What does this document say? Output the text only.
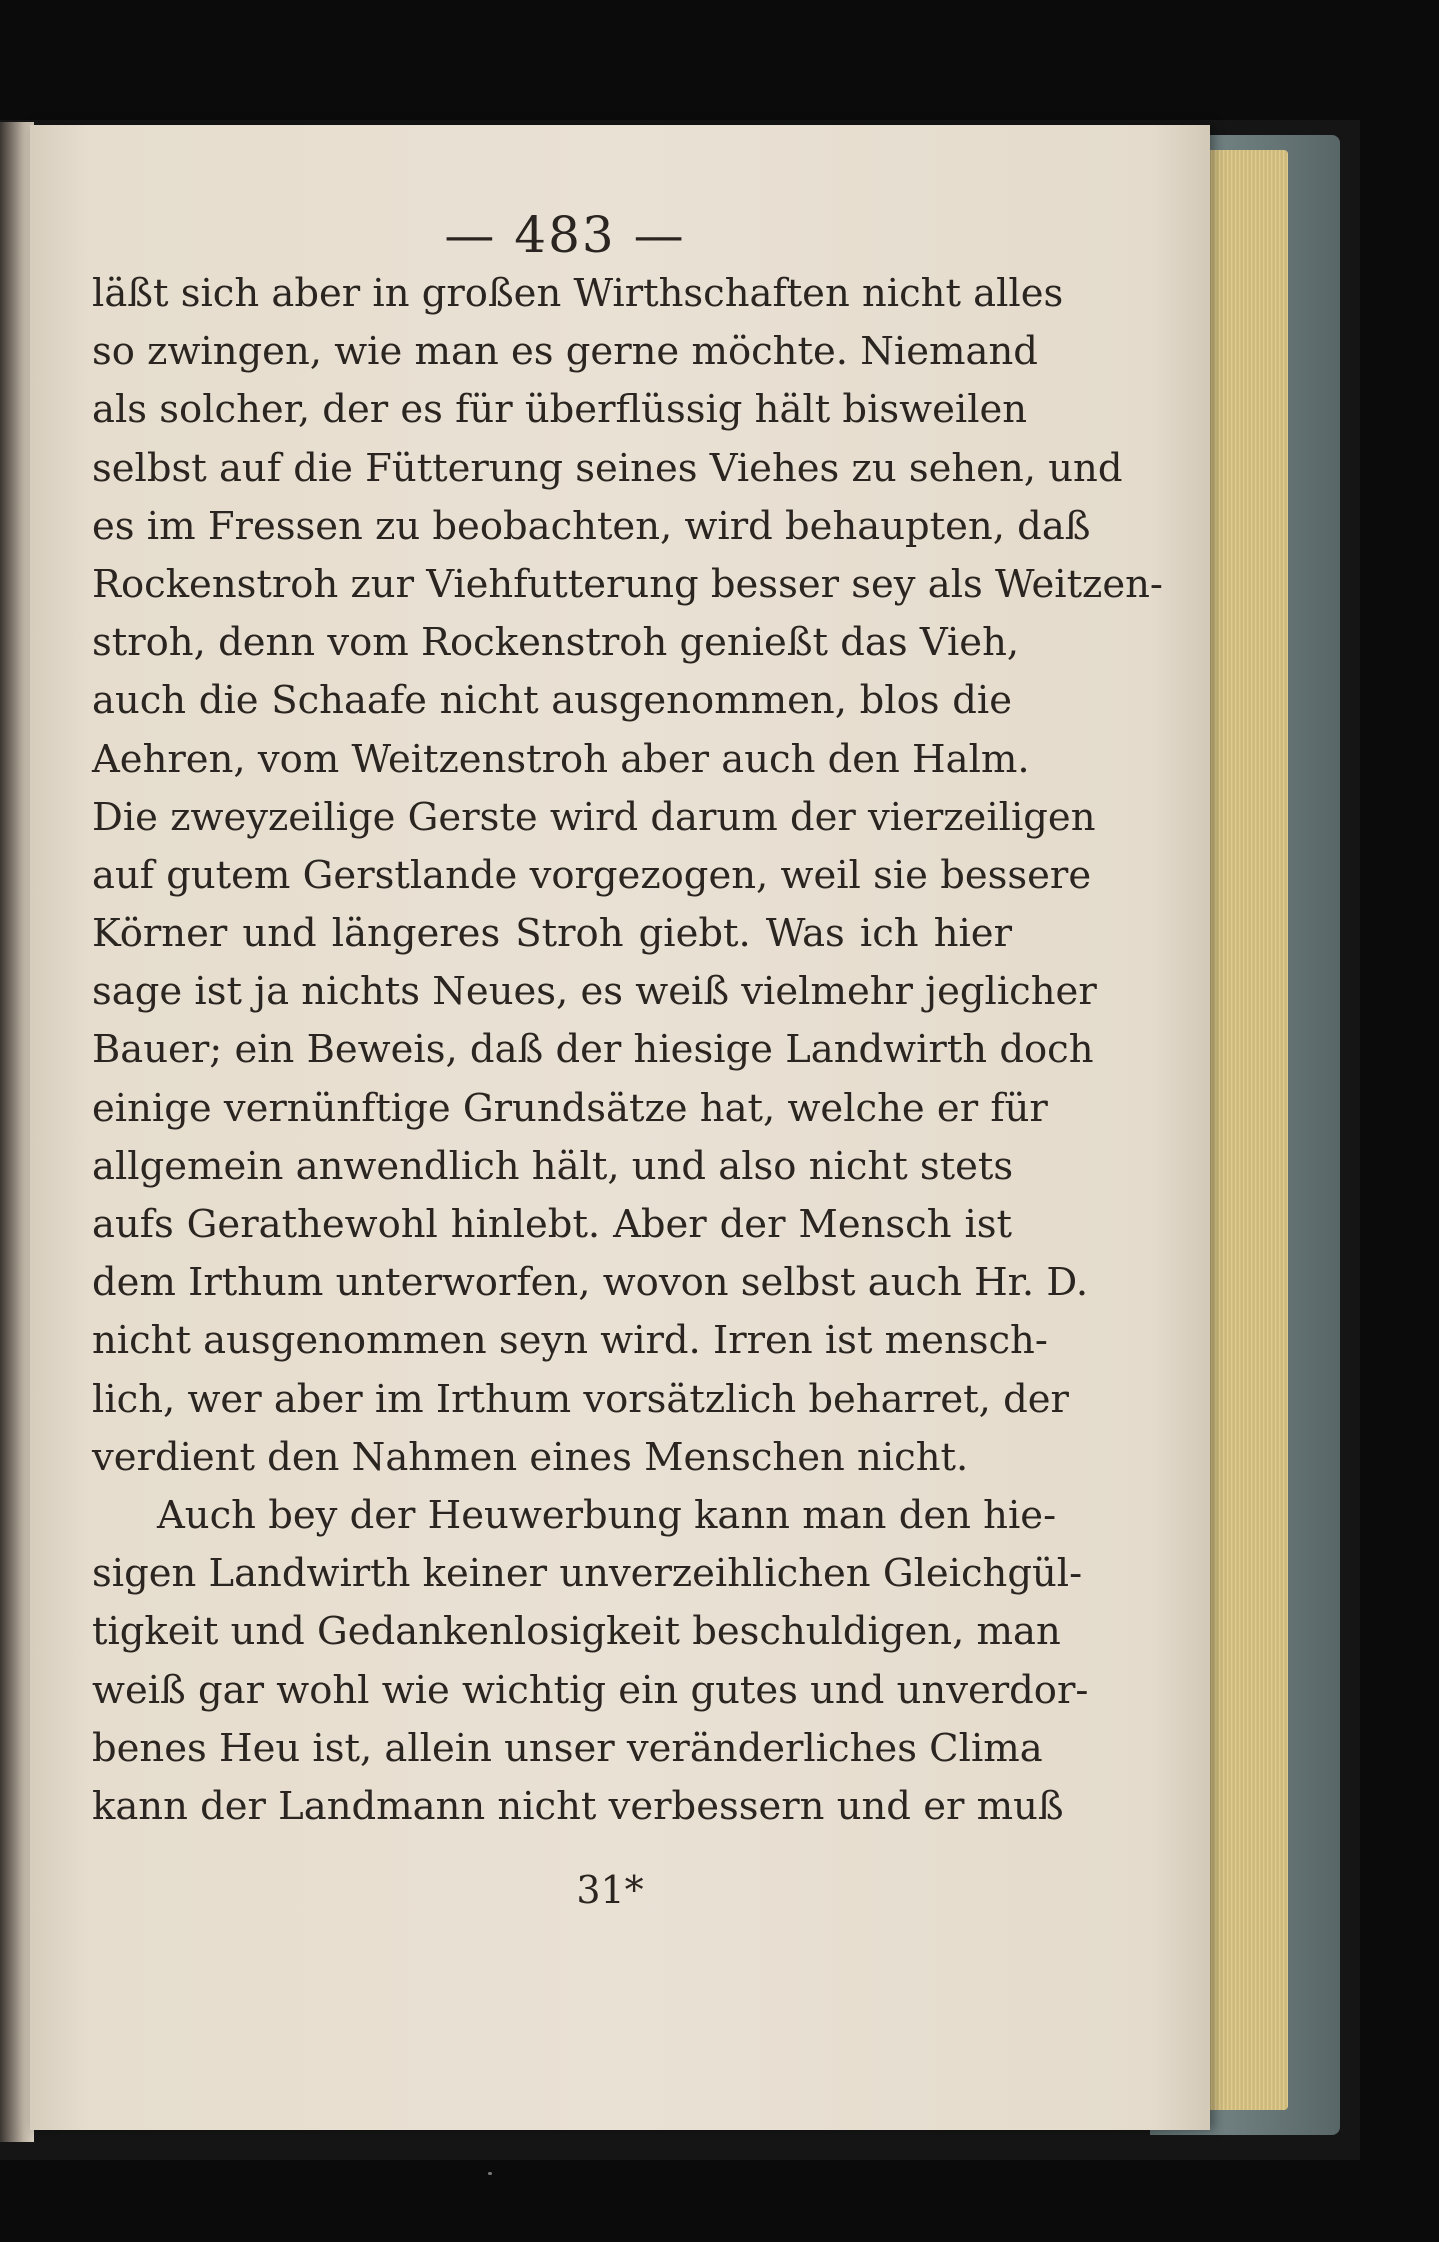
— 483 —
läßt sich aber in großen Wirthschaften nicht alles
so zwingen, wie man es gerne möchte. Niemand
als solcher, der es für überflüssig hält bisweilen
selbst auf die Fütterung seines Viehes zu sehen, und
es im Fressen zu beobachten, wird behaupten, daß
Rockenstroh zur Viehfutterung besser sey als Weitzen-
stroh, denn vom Rockenstroh genießt das Vieh,
auch die Schaafe nicht ausgenommen, blos die
Aehren, vom Weitzenstroh aber auch den Halm.
Die zweyzeilige Gerste wird darum der vierzeiligen
auf gutem Gerstlande vorgezogen, weil sie bessere
Körner und längeres Stroh giebt. Was ich hier
sage ist ja nichts Neues, es weiß vielmehr jeglicher
Bauer; ein Beweis, daß der hiesige Landwirth doch
einige vernünftige Grundsätze hat, welche er für
allgemein anwendlich hält, und also nicht stets
aufs Gerathewohl hinlebt. Aber der Mensch ist
dem Irthum unterworfen, wovon selbst auch Hr. D.
nicht ausgenommen seyn wird. Irren ist mensch-
lich, wer aber im Irthum vorsätzlich beharret, der
verdient den Nahmen eines Menschen nicht.
Auch bey der Heuwerbung kann man den hie-
sigen Landwirth keiner unverzeihlichen Gleichgül-
tigkeit und Gedankenlosigkeit beschuldigen, man
weiß gar wohl wie wichtig ein gutes und unverdor-
benes Heu ist, allein unser veränderliches Clima
kann der Landmann nicht verbessern und er muß
31*
